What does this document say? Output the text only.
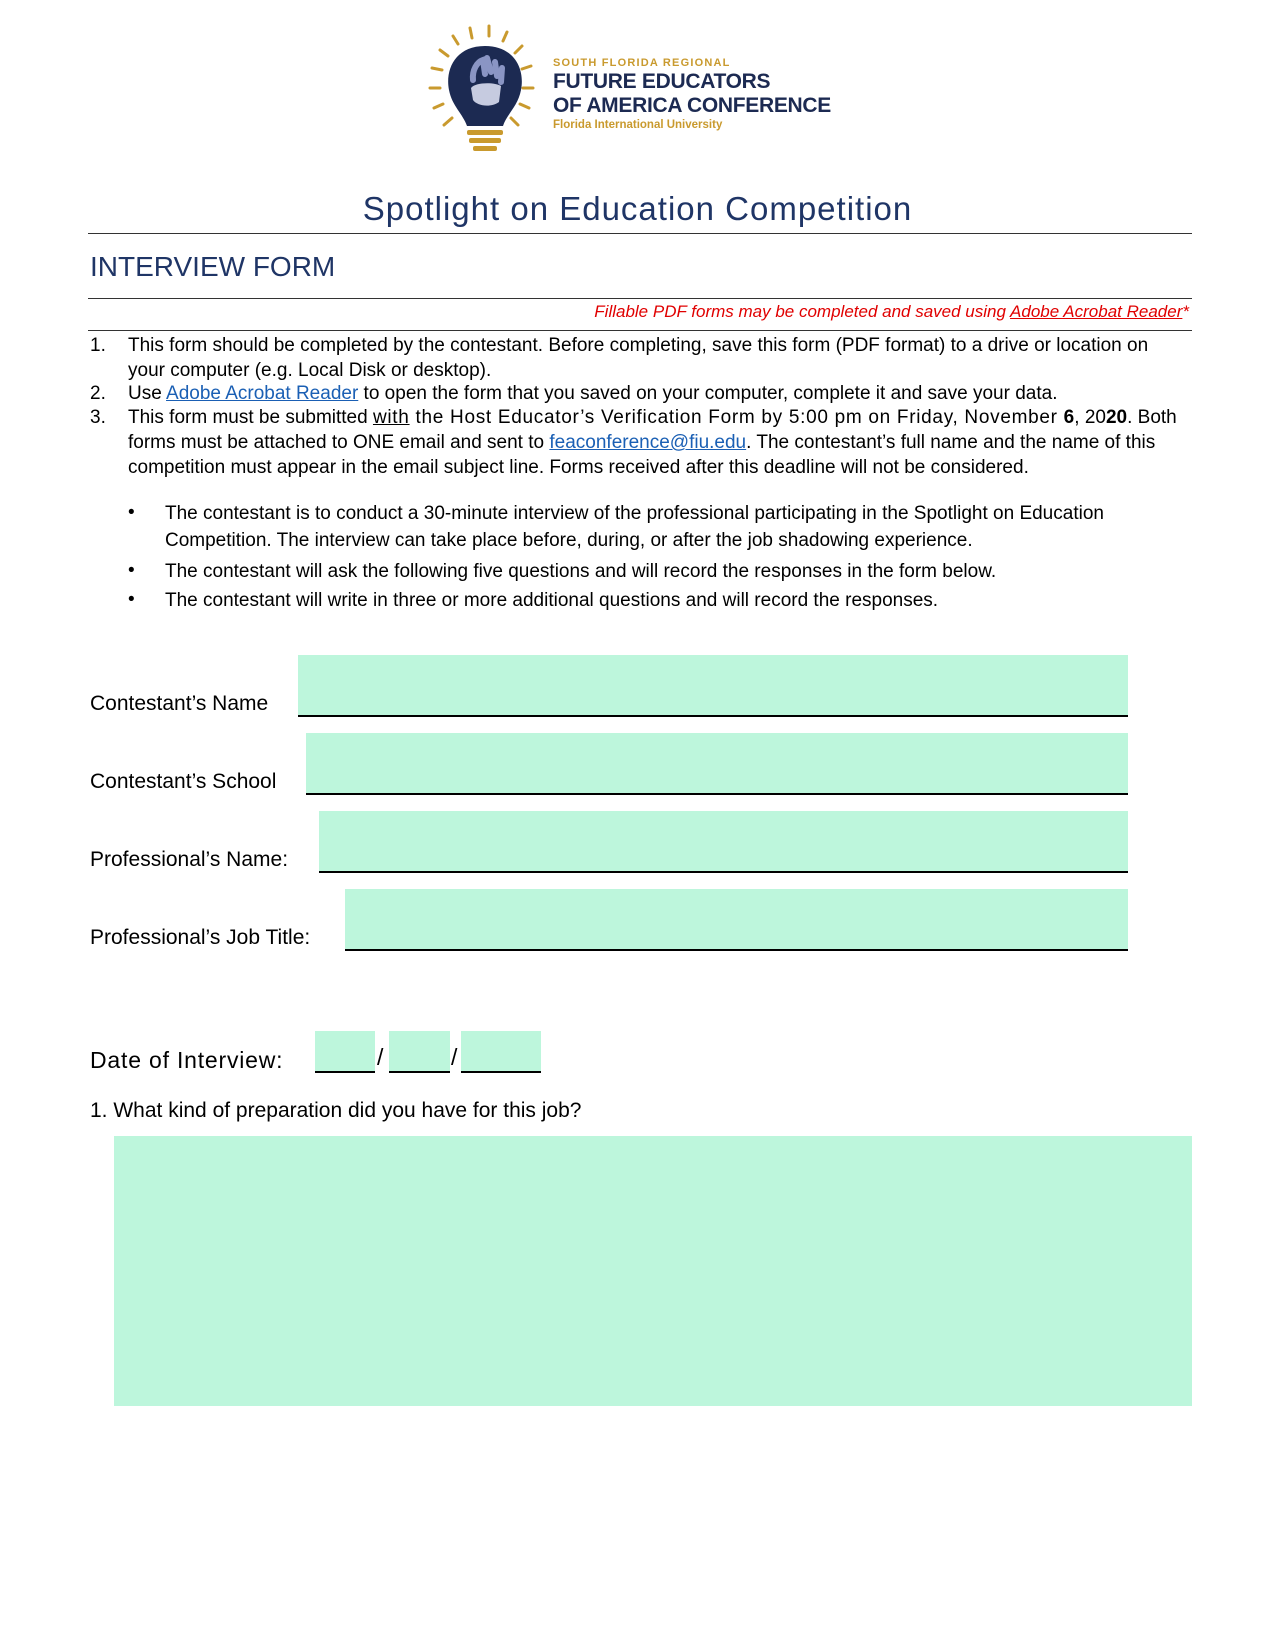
SOUTH FLORIDA REGIONAL
FUTURE EDUCATORS
OF AMERICA CONFERENCE
Florida International University
Spotlight on Education Competition
INTERVIEW FORM
Fillable PDF forms may be completed and saved using Adobe Acrobat Reader*
1. This form should be completed by the contestant. Before completing, save this form (PDF format) to a drive or location on your computer (e.g. Local Disk or desktop).
2. Use Adobe Acrobat Reader to open the form that you saved on your computer, complete it and save your data.
3. This form must be submitted with the Host Educator’s Verification Form by 5:00 pm on Friday, November 6, 2020. Both forms must be attached to ONE email and sent to feaconference@fiu.edu. The contestant’s full name and the name of this competition must appear in the email subject line. Forms received after this deadline will not be considered.
• The contestant is to conduct a 30-minute interview of the professional participating in the Spotlight on Education Competition. The interview can take place before, during, or after the job shadowing experience.
• The contestant will ask the following five questions and will record the responses in the form below.
• The contestant will write in three or more additional questions and will record the responses.
Contestant’s Name
Contestant’s School
Professional’s Name:
Professional’s Job Title:
Date of Interview:	/	/
1. What kind of preparation did you have for this job?
